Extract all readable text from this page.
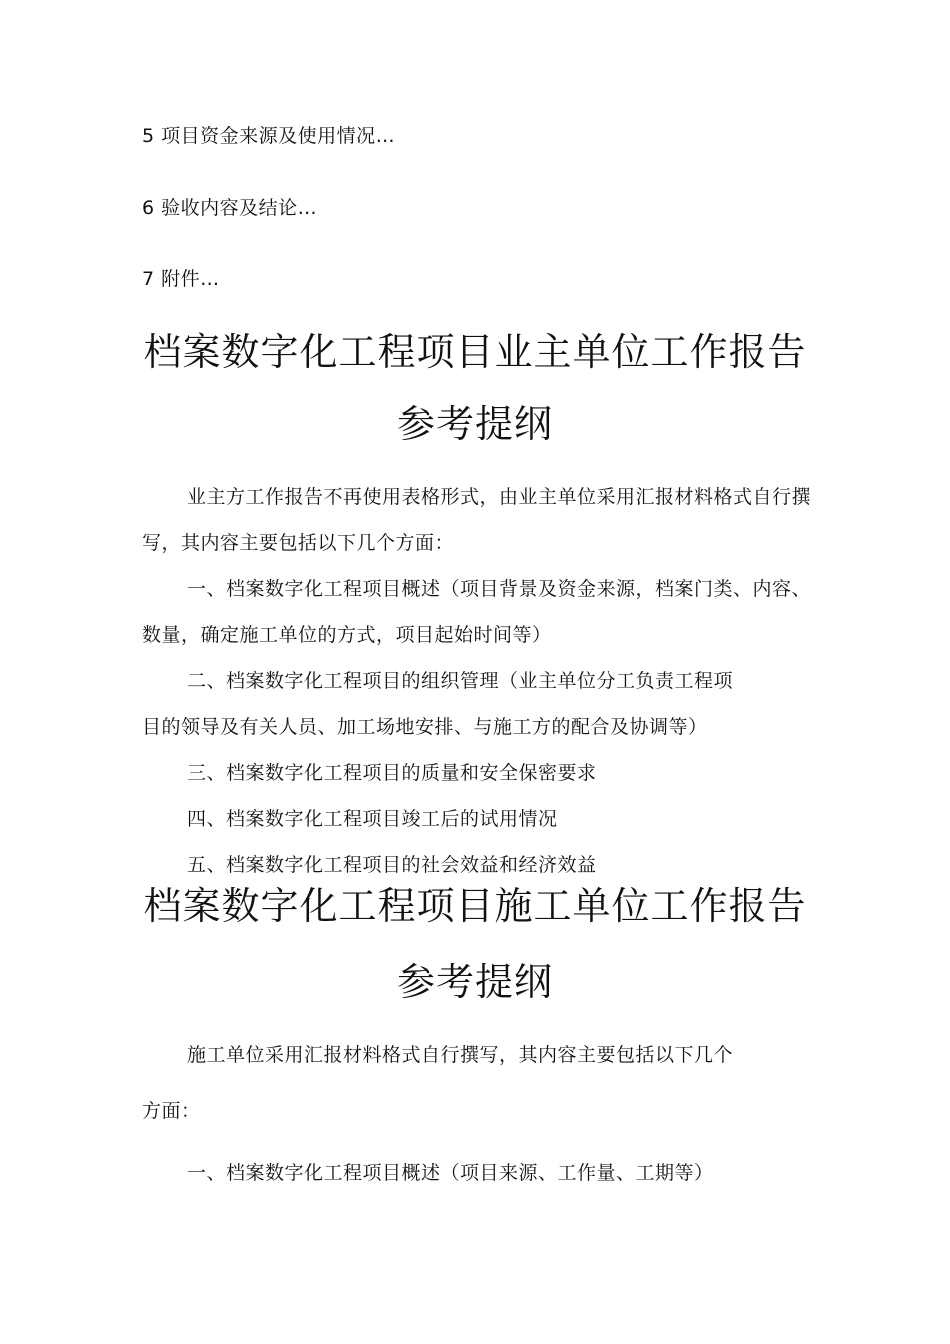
5 项目资金来源及使用情况…
6 验收内容及结论…
7 附件…
档案数字化工程项目业主单位工作报告
参考提纲
业主方工作报告不再使用表格形式，由业主单位采用汇报材料格式自行撰
写，其内容主要包括以下几个方面：
一、档案数字化工程项目概述（项目背景及资金来源，档案门类、内容、
数量，确定施工单位的方式，项目起始时间等）
二、档案数字化工程项目的组织管理（业主单位分工负责工程项
目的领导及有关人员、加工场地安排、与施工方的配合及协调等）
三、档案数字化工程项目的质量和安全保密要求
四、档案数字化工程项目竣工后的试用情况
五、档案数字化工程项目的社会效益和经济效益
档案数字化工程项目施工单位工作报告
参考提纲
施工单位采用汇报材料格式自行撰写，其内容主要包括以下几个
方面：
一、档案数字化工程项目概述（项目来源、工作量、工期等）
